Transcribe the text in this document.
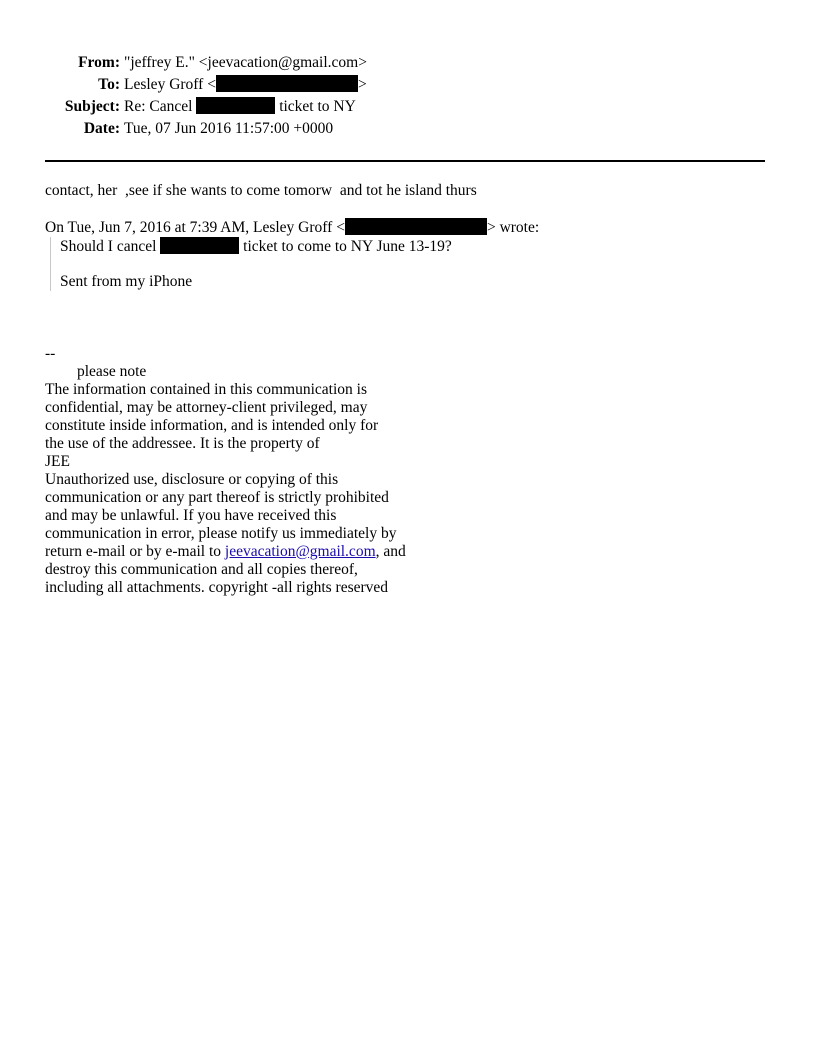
From: "jeffrey E." <jeevacation@gmail.com>
To: Lesley Groff <	>
Subject: Re: Cancel	ticket to NY
Date: Tue, 07 Jun 2016 11:57:00 +0000
contact, her  ,see if she wants to come tomorw  and tot he island thurs
On Tue, Jun 7, 2016 at 7:39 AM, Lesley Groff <	> wrote:
Should I cancel	ticket to come to NY June 13-19?
Sent from my iPhone
--
please note
The information contained in this communication is
confidential, may be attorney-client privileged, may
constitute inside information, and is intended only for
the use of the addressee. It is the property of
JEE
Unauthorized use, disclosure or copying of this
communication or any part thereof is strictly prohibited
and may be unlawful. If you have received this
communication in error, please notify us immediately by
return e-mail or by e-mail to jeevacation@gmail.com, and
destroy this communication and all copies thereof,
including all attachments. copyright -all rights reserved
